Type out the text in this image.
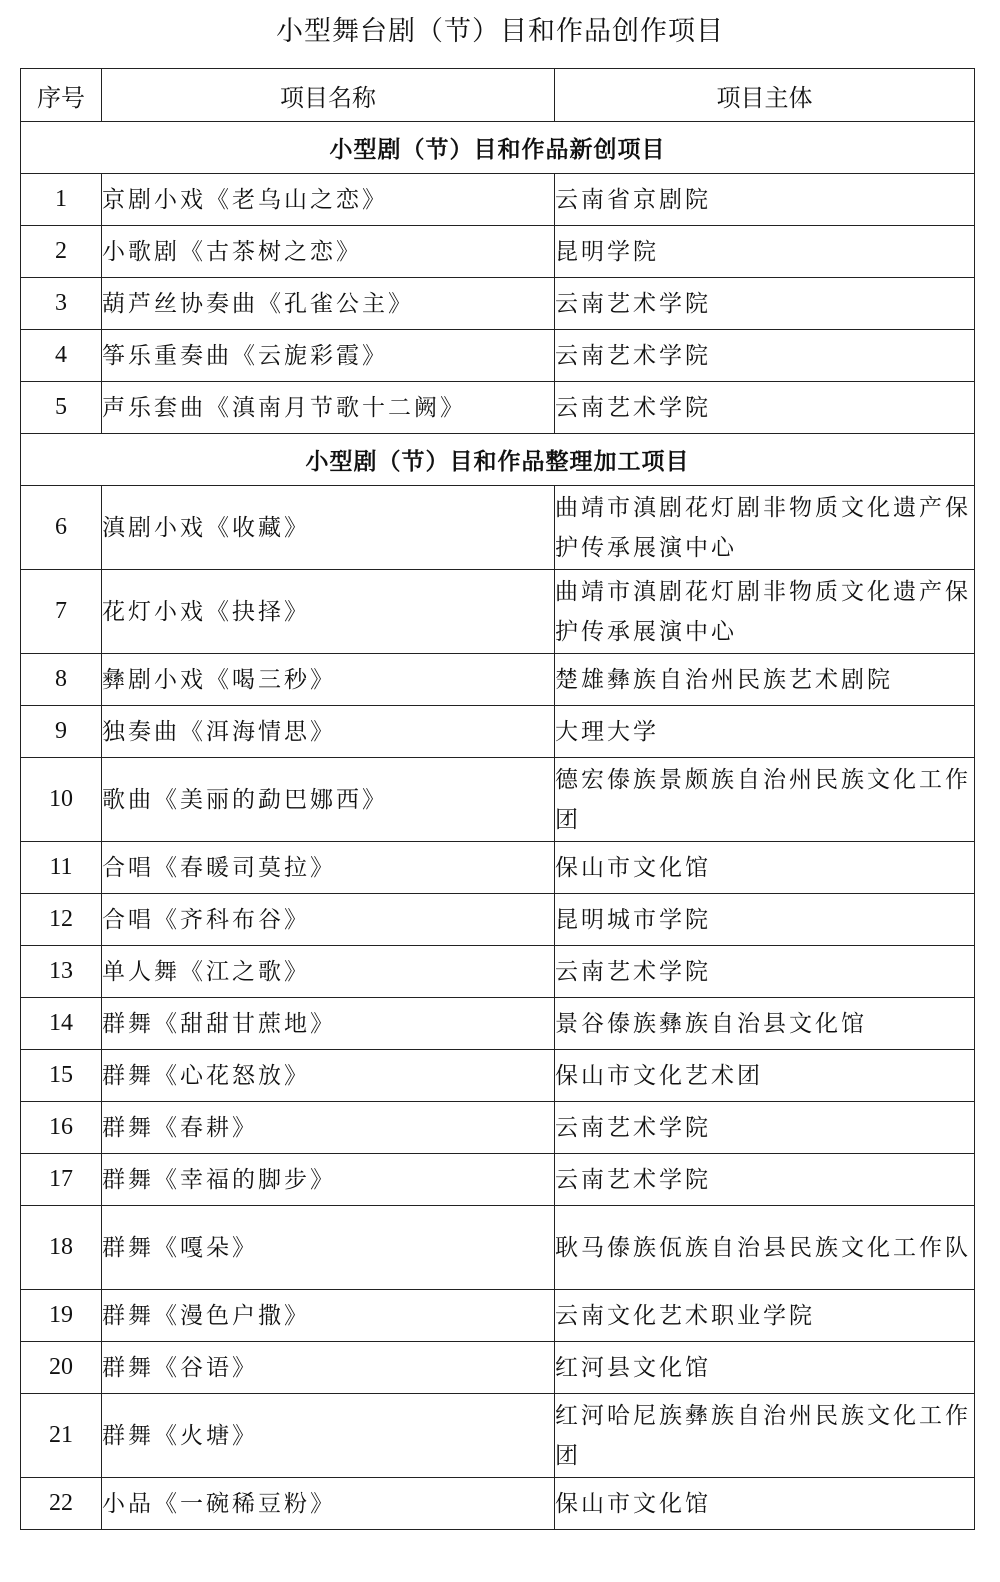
小型舞台剧（节）目和作品创作项目
序号	项目名称	项目主体
小型剧（节）目和作品新创项目		
1	京剧小戏《老乌山之恋》	云南省京剧院
2	小歌剧《古茶树之恋》	昆明学院
3	葫芦丝协奏曲《孔雀公主》	云南艺术学院
4	筝乐重奏曲《云旎彩霞》	云南艺术学院
5	声乐套曲《滇南月节歌十二阙》	云南艺术学院
小型剧（节）目和作品整理加工项目		
6	滇剧小戏《收藏》	曲靖市滇剧花灯剧非物质文化遗产保护传承展演中心
7	花灯小戏《抉择》	曲靖市滇剧花灯剧非物质文化遗产保护传承展演中心
8	彝剧小戏《喝三秒》	楚雄彝族自治州民族艺术剧院
9	独奏曲《洱海情思》	大理大学
10	歌曲《美丽的勐巴娜西》	德宏傣族景颇族自治州民族文化工作团
11	合唱《春暖司莫拉》	保山市文化馆
12	合唱《齐科布谷》	昆明城市学院
13	单人舞《江之歌》	云南艺术学院
14	群舞《甜甜甘蔗地》	景谷傣族彝族自治县文化馆
15	群舞《心花怒放》	保山市文化艺术团
16	群舞《春耕》	云南艺术学院
17	群舞《幸福的脚步》	云南艺术学院
18	群舞《嘎朵》	耿马傣族佤族自治县民族文化工作队
19	群舞《漫色户撒》	云南文化艺术职业学院
20	群舞《谷语》	红河县文化馆
21	群舞《火塘》	红河哈尼族彝族自治州民族文化工作团
22	小品《一碗稀豆粉》	保山市文化馆
